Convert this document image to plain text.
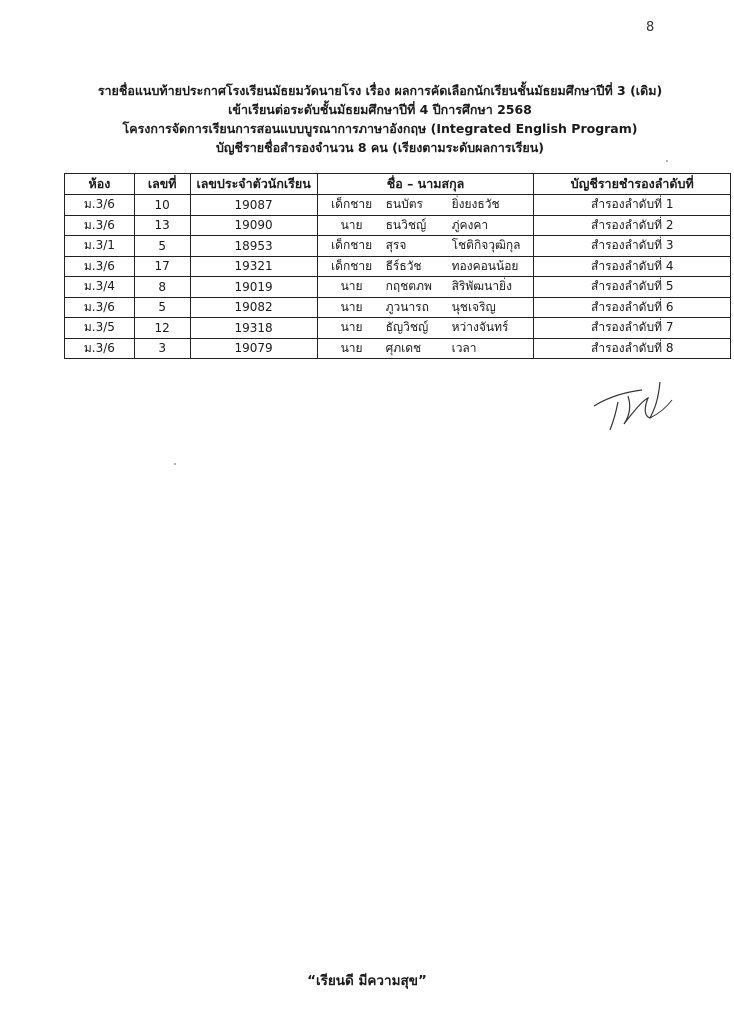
8
รายชื่อแนบท้ายประกาศโรงเรียนมัธยมวัดนายโรง เรื่อง ผลการคัดเลือกนักเรียนชั้นมัธยมศึกษาปีที่ 3 (เดิม)
เข้าเรียนต่อระดับชั้นมัธยมศึกษาปีที่ 4 ปีการศึกษา 2568
โครงการจัดการเรียนการสอนแบบบูรณาการภาษาอังกฤษ (Integrated English Program)
บัญชีรายชื่อสำรองจำนวน 8 คน (เรียงตามระดับผลการเรียน)
ห้อง	เลขที่	เลขประจำตัวนักเรียน	ชื่อ – นามสกุล	บัญชีรายชำรองลำดับที่
ม.3/6	10	19087	เด็กชาย ธนบัตร ยิ่งยงธวัช	สำรองลำดับที่ 1
ม.3/6	13	19090	นาย ธนวิชญ์ ภู่คงคา	สำรองลำดับที่ 2
ม.3/1	5	18953	เด็กชาย สุรจ โชติกิจวุฒิกุล	สำรองลำดับที่ 3
ม.3/6	17	19321	เด็กชาย ธีร์ธวัช ทองคอนน้อย	สำรองลำดับที่ 4
ม.3/4	8	19019	นาย กฤชตภพ สิริพัฒนายิ่ง	สำรองลำดับที่ 5
ม.3/6	5	19082	นาย ภูวนารถ นุชเจริญ	สำรองลำดับที่ 6
ม.3/5	12	19318	นาย ธัญวิชญ์ หว่างจันทร์	สำรองลำดับที่ 7
ม.3/6	3	19079	นาย ศุภเดช เวลา	สำรองลำดับที่ 8
“เรียนดี มีความสุข”
